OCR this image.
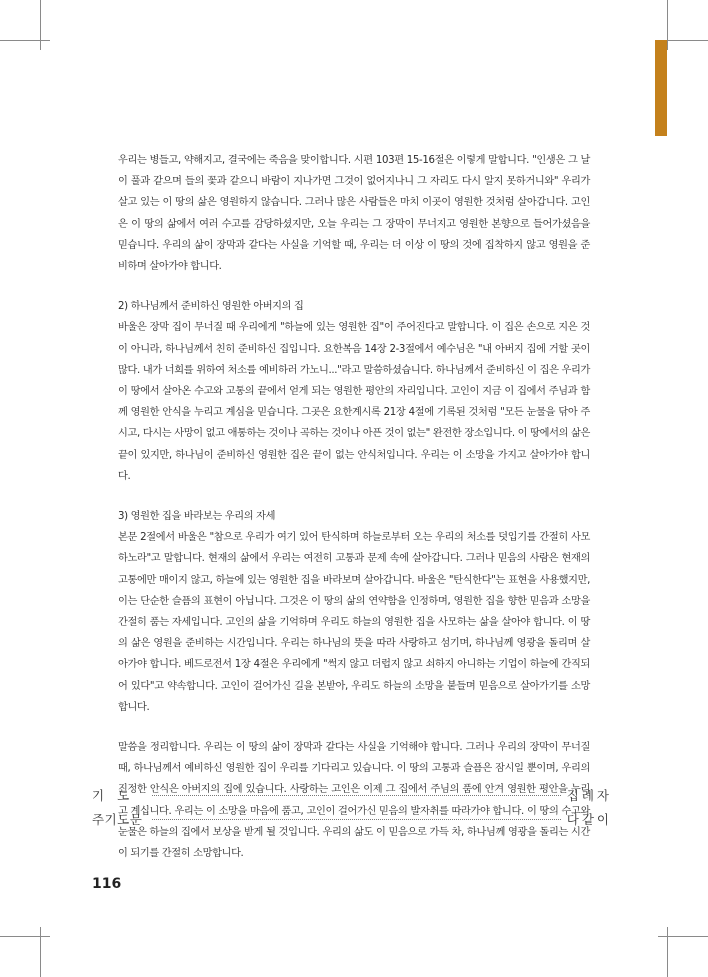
우리는 병들고, 약해지고, 결국에는 죽음을 맞이합니다. 시편 103편 15-16절은 이렇게 말합니다. "인생은 그 날이 풀과 같으며 들의 꽃과 같으니 바람이 지나가면 그것이 없어지나니 그 자리도 다시 알지 못하거니와" 우리가 살고 있는 이 땅의 삶은 영원하지 않습니다. 그러나 많은 사람들은 마치 이곳이 영원한 것처럼 살아갑니다. 고인은 이 땅의 삶에서 여러 수고를 감당하셨지만, 오늘 우리는 그 장막이 무너지고 영원한 본향으로 들어가셨음을 믿습니다. 우리의 삶이 장막과 같다는 사실을 기억할 때, 우리는 더 이상 이 땅의 것에 집착하지 않고 영원을 준비하며 살아가야 합니다.

2) 하나님께서 준비하신 영원한 아버지의 집

바울은 장막 집이 무너질 때 우리에게 "하늘에 있는 영원한 집"이 주어진다고 말합니다. 이 집은 손으로 지은 것이 아니라, 하나님께서 친히 준비하신 집입니다. 요한복음 14장 2-3절에서 예수님은 "내 아버지 집에 거할 곳이 많다. 내가 너희를 위하여 처소를 예비하러 가노니..."라고 말씀하셨습니다. 하나님께서 준비하신 이 집은 우리가 이 땅에서 살아온 수고와 고통의 끝에서 얻게 되는 영원한 평안의 자리입니다. 고인이 지금 이 집에서 주님과 함께 영원한 안식을 누리고 계심을 믿습니다. 그곳은 요한계시록 21장 4절에 기록된 것처럼 "모든 눈물을 닦아 주시고, 다시는 사망이 없고 애통하는 것이나 곡하는 것이나 아픈 것이 없는" 완전한 장소입니다. 이 땅에서의 삶은 끝이 있지만, 하나님이 준비하신 영원한 집은 끝이 없는 안식처입니다. 우리는 이 소망을 가지고 살아가야 합니다.

3) 영원한 집을 바라보는 우리의 자세

본문 2절에서 바울은 "참으로 우리가 여기 있어 탄식하며 하늘로부터 오는 우리의 처소를 덧입기를 간절히 사모하노라"고 말합니다. 현재의 삶에서 우리는 여전히 고통과 문제 속에 살아갑니다. 그러나 믿음의 사람은 현재의 고통에만 매이지 않고, 하늘에 있는 영원한 집을 바라보며 살아갑니다. 바울은 "탄식한다"는 표현을 사용했지만, 이는 단순한 슬픔의 표현이 아닙니다. 그것은 이 땅의 삶의 연약함을 인정하며, 영원한 집을 향한 믿음과 소망을 간절히 품는 자세입니다. 고인의 삶을 기억하며 우리도 하늘의 영원한 집을 사모하는 삶을 살아야 합니다. 이 땅의 삶은 영원을 준비하는 시간입니다. 우리는 하나님의 뜻을 따라 사랑하고 섬기며, 하나님께 영광을 돌리며 살아가야 합니다. 베드로전서 1장 4절은 우리에게 "썩지 않고 더럽지 않고 쇠하지 아니하는 기업이 하늘에 간직되어 있다"고 약속합니다. 고인이 걸어가신 길을 본받아, 우리도 하늘의 소망을 붙들며 믿음으로 살아가기를 소망합니다.

말씀을 정리합니다. 우리는 이 땅의 삶이 장막과 같다는 사실을 기억해야 합니다. 그러나 우리의 장막이 무너질 때, 하나님께서 예비하신 영원한 집이 우리를 기다리고 있습니다. 이 땅의 고통과 슬픔은 잠시일 뿐이며, 우리의 진정한 안식은 아버지의 집에 있습니다. 사랑하는 고인은 이제 그 집에서 주님의 품에 안겨 영원한 평안을 누리고 계십니다. 우리는 이 소망을 마음에 품고, 고인이 걸어가신 믿음의 발자취를 따라가야 합니다. 이 땅의 수고와 눈물은 하늘의 집에서 보상을 받게 될 것입니다. 우리의 삶도 이 믿음으로 가득 차, 하나님께 영광을 돌리는 시간이 되기를 간절히 소망합니다.

기도	집례자
주기도문	다같이
116
